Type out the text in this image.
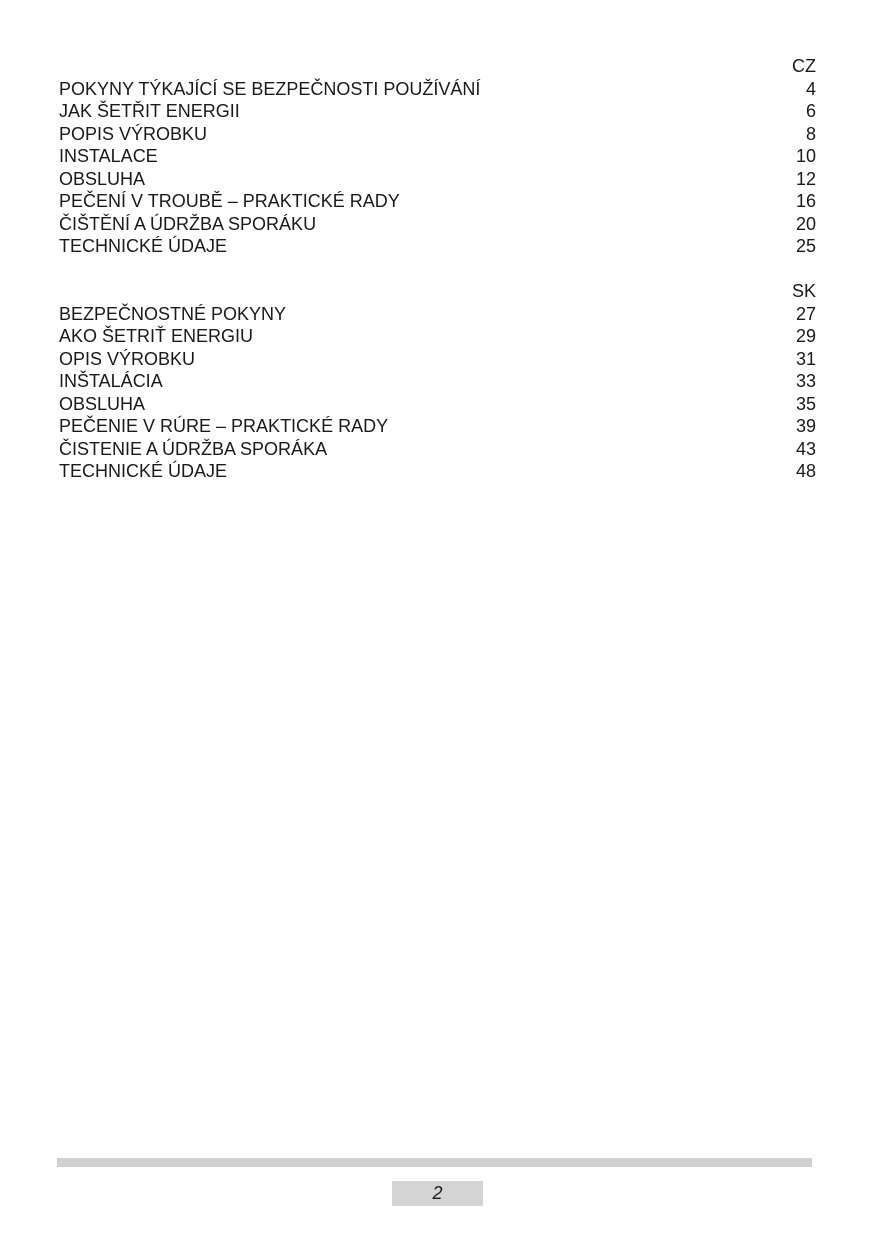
CZ
POKYNY TÝKAJÍCÍ SE BEZPEČNOSTI POUŽÍVÁNÍ	4
JAK ŠETŘIT ENERGII	6
POPIS VÝROBKU	8
INSTALACE	10
OBSLUHA	12
PEČENÍ V TROUBĚ – PRAKTICKÉ RADY	16
ČIŠTĚNÍ A ÚDRŽBA SPORÁKU	20
TECHNICKÉ ÚDAJE	25
SK
BEZPEČNOSTNÉ POKYNY	27
AKO ŠETRIŤ ENERGIU	29
OPIS VÝROBKU	31
INŠTALÁCIA	33
OBSLUHA	35
PEČENIE V RÚRE – PRAKTICKÉ RADY	39
ČISTENIE A ÚDRŽBA SPORÁKA	43
TECHNICKÉ ÚDAJE	48
2
